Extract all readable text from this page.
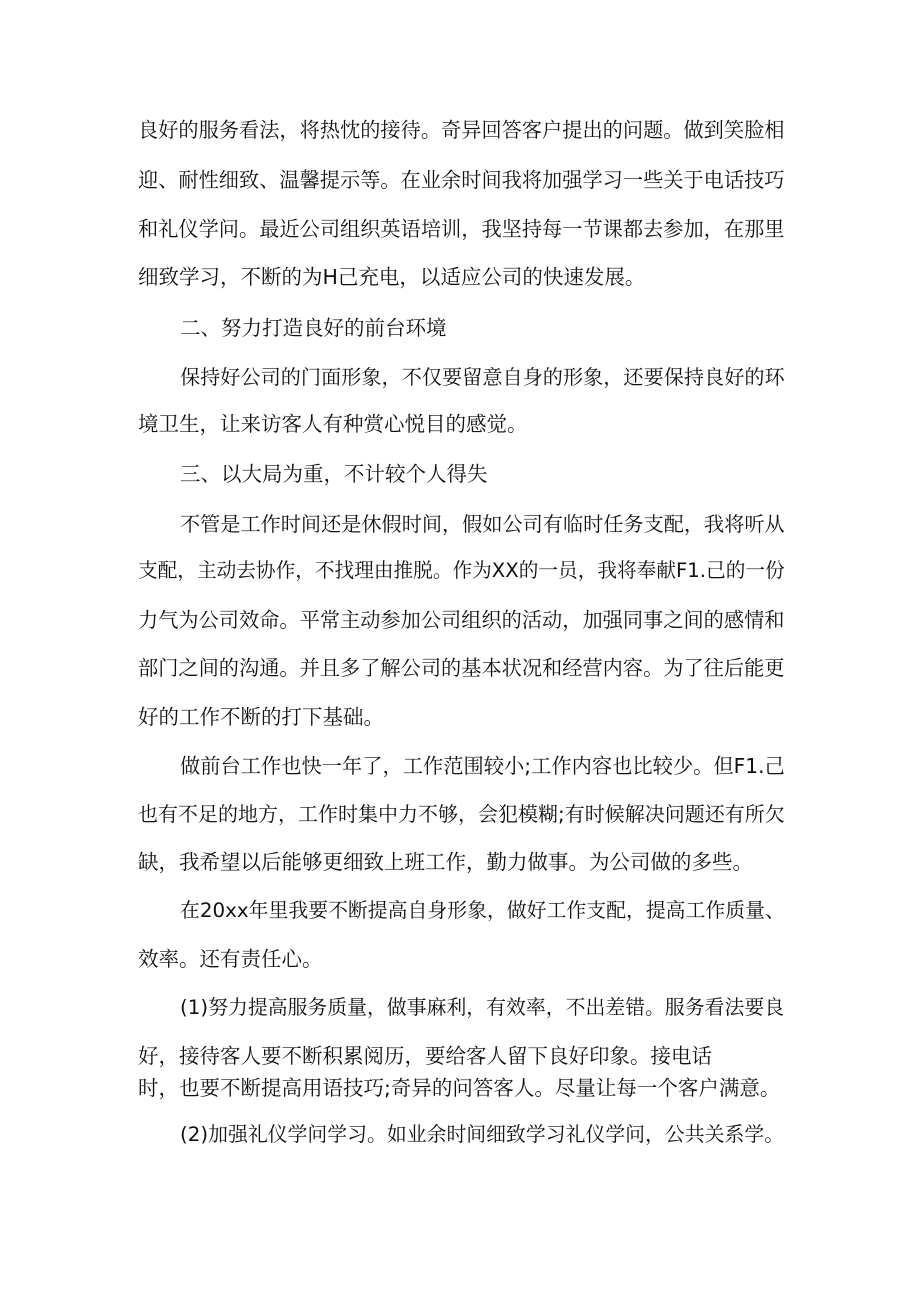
良好的服务看法，将热忱的接待。奇异回答客户提出的问题。做到笑脸相

迎、耐性细致、温馨提示等。在业余时间我将加强学习一些关于电话技巧

和礼仪学问。最近公司组织英语培训，我坚持每一节课都去参加，在那里

细致学习，不断的为H己充电，以适应公司的快速发展。

二、努力打造良好的前台环境

保持好公司的门面形象，不仅要留意自身的形象，还要保持良好的环

境卫生，让来访客人有种赏心悦目的感觉。

三、以大局为重，不计较个人得失

不管是工作时间还是休假时间，假如公司有临时任务支配，我将听从

支配，主动去协作，不找理由推脱。作为XX的一员，我将奉献F1.己的一份

力气为公司效命。平常主动参加公司组织的活动，加强同事之间的感情和

部门之间的沟通。并且多了解公司的基本状况和经营内容。为了往后能更

好的工作不断的打下基础。

做前台工作也快一年了，工作范围较小;工作内容也比较少。但F1.己

也有不足的地方，工作时集中力不够，会犯模糊;有时候解决问题还有所欠

缺，我希望以后能够更细致上班工作，勤力做事。为公司做的多些。

在20xx年里我要不断提高自身形象，做好工作支配，提高工作质量、

效率。还有责任心。

(1)努力提高服务质量，做事麻利，有效率，不出差错。服务看法要良

好，接待客人要不断积累阅历，要给客人留下良好印象。接电话

时，也要不断提高用语技巧;奇异的问答客人。尽量让每一个客户满意。

(2)加强礼仪学问学习。如业余时间细致学习礼仪学问，公共关系学。
